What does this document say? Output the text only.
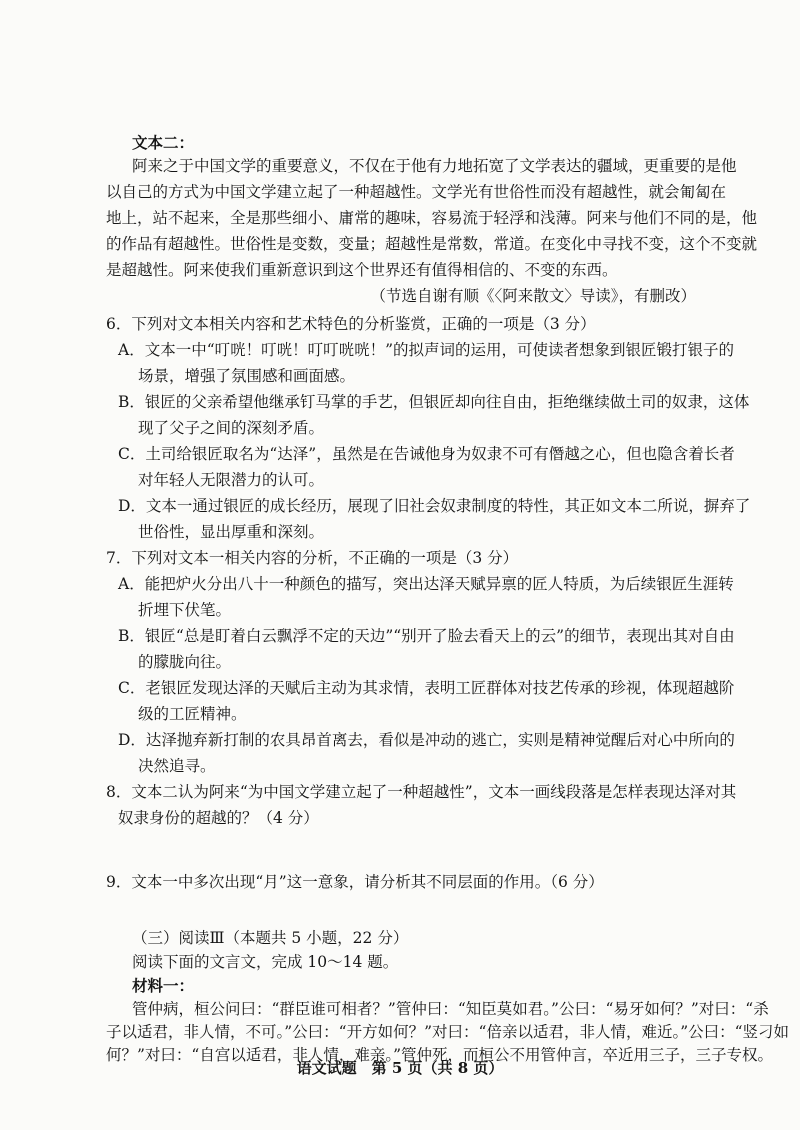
文本二：
阿来之于中国文学的重要意义，不仅在于他有力地拓宽了文学表达的疆域，更重要的是他
以自己的方式为中国文学建立起了一种超越性。文学光有世俗性而没有超越性，就会匍匐在
地上，站不起来，全是那些细小、庸常的趣味，容易流于轻浮和浅薄。阿来与他们不同的是，他
的作品有超越性。世俗性是变数，变量；超越性是常数，常道。在变化中寻找不变，这个不变就
是超越性。阿来使我们重新意识到这个世界还有值得相信的、不变的东西。
（节选自谢有顺《〈阿来散文〉导读》，有删改）
6．下列对文本相关内容和艺术特色的分析鉴赏，正确的一项是（3 分）
A．文本一中“叮咣！叮咣！叮叮咣咣！”的拟声词的运用，可使读者想象到银匠锻打银子的
场景，增强了氛围感和画面感。
B．银匠的父亲希望他继承钉马掌的手艺，但银匠却向往自由，拒绝继续做土司的奴隶，这体
现了父子之间的深刻矛盾。
C．土司给银匠取名为“达泽”，虽然是在告诫他身为奴隶不可有僭越之心，但也隐含着长者
对年轻人无限潜力的认可。
D．文本一通过银匠的成长经历，展现了旧社会奴隶制度的特性，其正如文本二所说，摒弃了
世俗性，显出厚重和深刻。
7．下列对文本一相关内容的分析，不正确的一项是（3 分）
A．能把炉火分出八十一种颜色的描写，突出达泽天赋异禀的匠人特质，为后续银匠生涯转
折埋下伏笔。
B．银匠“总是盯着白云飘浮不定的天边”“别开了脸去看天上的云”的细节，表现出其对自由
的朦胧向往。
C．老银匠发现达泽的天赋后主动为其求情，表明工匠群体对技艺传承的珍视，体现超越阶
级的工匠精神。
D．达泽抛弃新打制的农具昂首离去，看似是冲动的逃亡，实则是精神觉醒后对心中所向的
决然追寻。
8．文本二认为阿来“为中国文学建立起了一种超越性”，文本一画线段落是怎样表现达泽对其
奴隶身份的超越的？（4 分）
9．文本一中多次出现“月”这一意象，请分析其不同层面的作用。（6 分）
（三）阅读Ⅲ（本题共 5 小题，22 分）
阅读下面的文言文，完成 10～14 题。
材料一：
管仲病，桓公问曰：“群臣谁可相者？”管仲曰：“知臣莫如君。”公曰：“易牙如何？”对曰：“杀
子以适君，非人情，不可。”公曰：“开方如何？”对曰：“倍亲以适君，非人情，难近。”公曰：“竖刁如
何？”对曰：“自宫以适君，非人情，难亲。”管仲死，而桓公不用管仲言，卒近用三子，三子专权。
语文试题　第 5 页（共 8 页）
